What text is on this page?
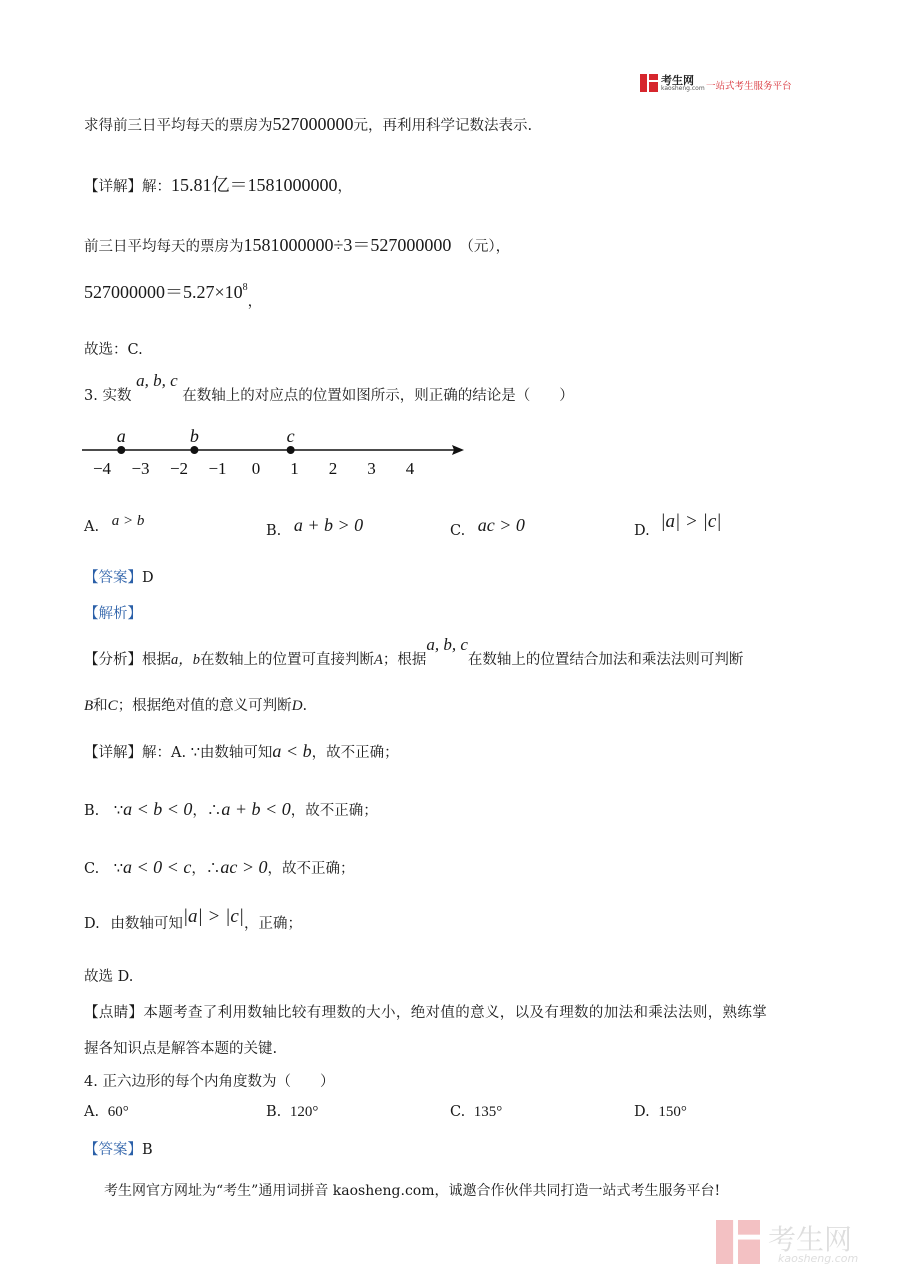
考生网
kaosheng.com 一站式考生服务平台
求得前三日平均每天的票房为527000000元，再利用科学记数法表示.
【详解】解：15.81亿＝1581000000，
前三日平均每天的票房为1581000000÷3＝527000000 （元），
$527000000=5.27\times 10^8$，
故选：C.
3. 实数 a, b, c 在数轴上的对应点的位置如图所示，则正确的结论是（　　）
−4 −3 −2 −1 0 1 2 3 4
a	b	c
A. a > b
B. a + b > 0	C. ac > 0	D. |a| > |c|
【答案】D
【解析】
【分析】根据a，b在数轴上的位置可直接判断A；根据a, b, c在数轴上的位置结合加法和乘法法则可判断
B和C；根据绝对值的意义可判断D.
【详解】解：A. ∵由数轴可知a < b，故不正确；
B. ∵a < b < 0，∴a + b < 0，故不正确；
C. ∵a < 0 < c，∴ac > 0，故不正确；
D. 由数轴可知|a| > |c|，正确；
故选 D.
【点睛】本题考查了利用数轴比较有理数的大小，绝对值的意义，以及有理数的加法和乘法法则，熟练掌
握各知识点是解答本题的关键.
4. 正六边形的每个内角度数为（　　）
A. 60°	B. 120°	C. 135°	D. 150°
【答案】B
考生网官方网址为“考生”通用词拼音 kaosheng.com，诚邀合作伙伴共同打造一站式考生服务平台!
考生网
kaosheng.com
